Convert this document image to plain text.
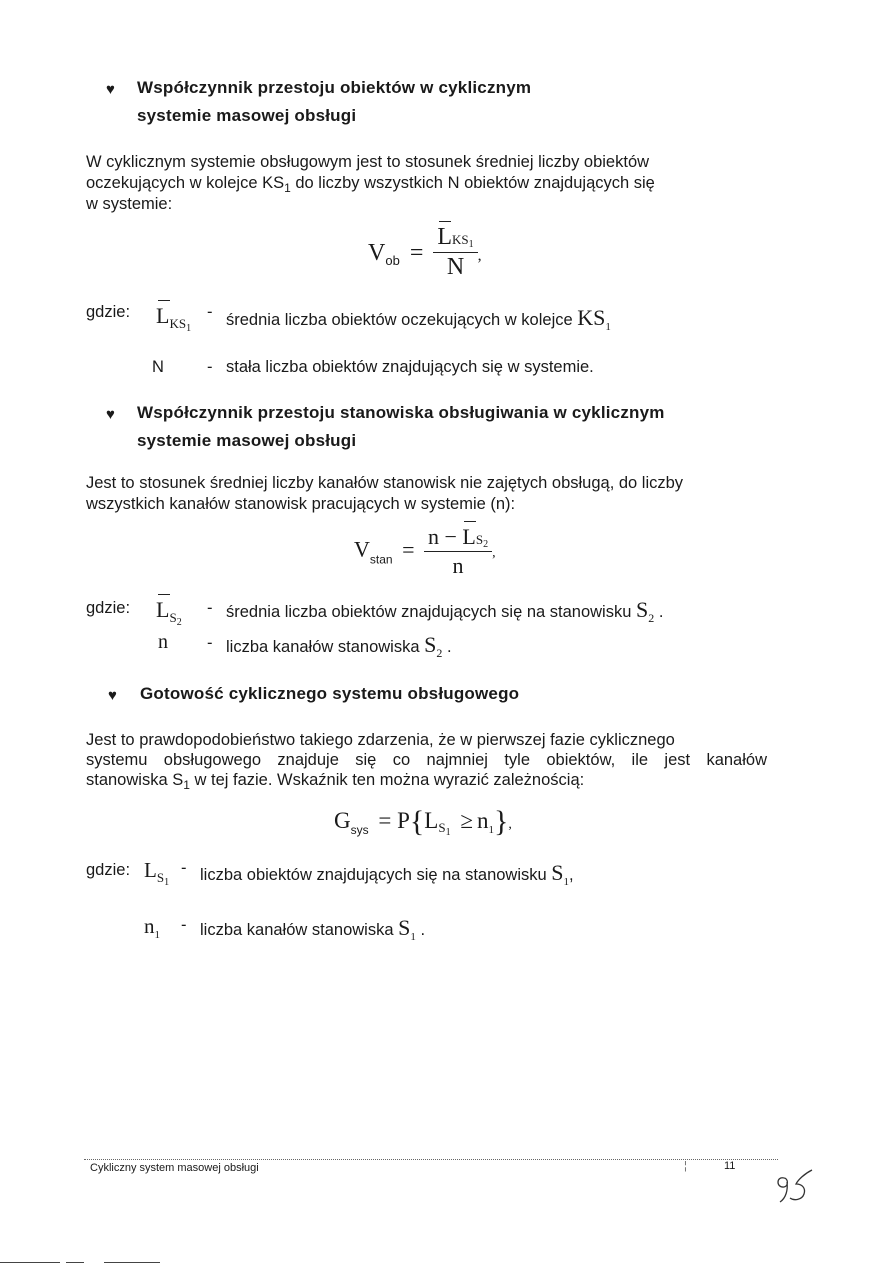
♥ Współczynnik przestoju obiektów w cyklicznym
systemie masowej obsługi
W cyklicznym systemie obsługowym jest to stosunek średniej liczby obiektów
oczekujących w kolejce $KS_1$ do liczby wszystkich N obiektów znajdujących się
w systemie:
$V_{ob} = \frac{\text{LKS1}}{N}$ ,
gdzie: $L_{KS1}$
- średnia liczba obiektów oczekujących w kolejce $KS_1$
N	- stała liczba obiektów znajdujących się w systemie.
♥ Współczynnik przestoju stanowiska obsługiwania w cyklicznym
systemie masowej obsługi
Jest to stosunek średniej liczby kanałów stanowisk nie zajętych obsługą, do liczby
wszystkich kanałów stanowisk pracujących w systemie (n):
$V_{stan} = \frac{n - LS2}{n}$ ,
gdzie: $L_{S2}$
- średnia liczba obiektów znajdujących się na stanowisku $S_2$ .
n - liczba kanałów stanowiska $S_2$ .
♥ Gotowość cyklicznego systemu obsługowego
Jest to prawdopodobieństwo takiego zdarzenia, że w pierwszej fazie cyklicznego
systemu obsługowego znajduje się co najmniej tyle obiektów, ile jest kanałów
stanowiska $S_1$ w tej fazie. Wskaźnik ten można wyrazić zależnością:
$G_{sys} = P\{LS_1 \ge n_1\}$,
gdzie: $L_{S1}$
- liczba obiektów znajdujących się na stanowisku $S_1$,
$n_1$
- liczba kanałów stanowiska $S_1$ .
Cykliczny system masowej obsługi	¦	11
